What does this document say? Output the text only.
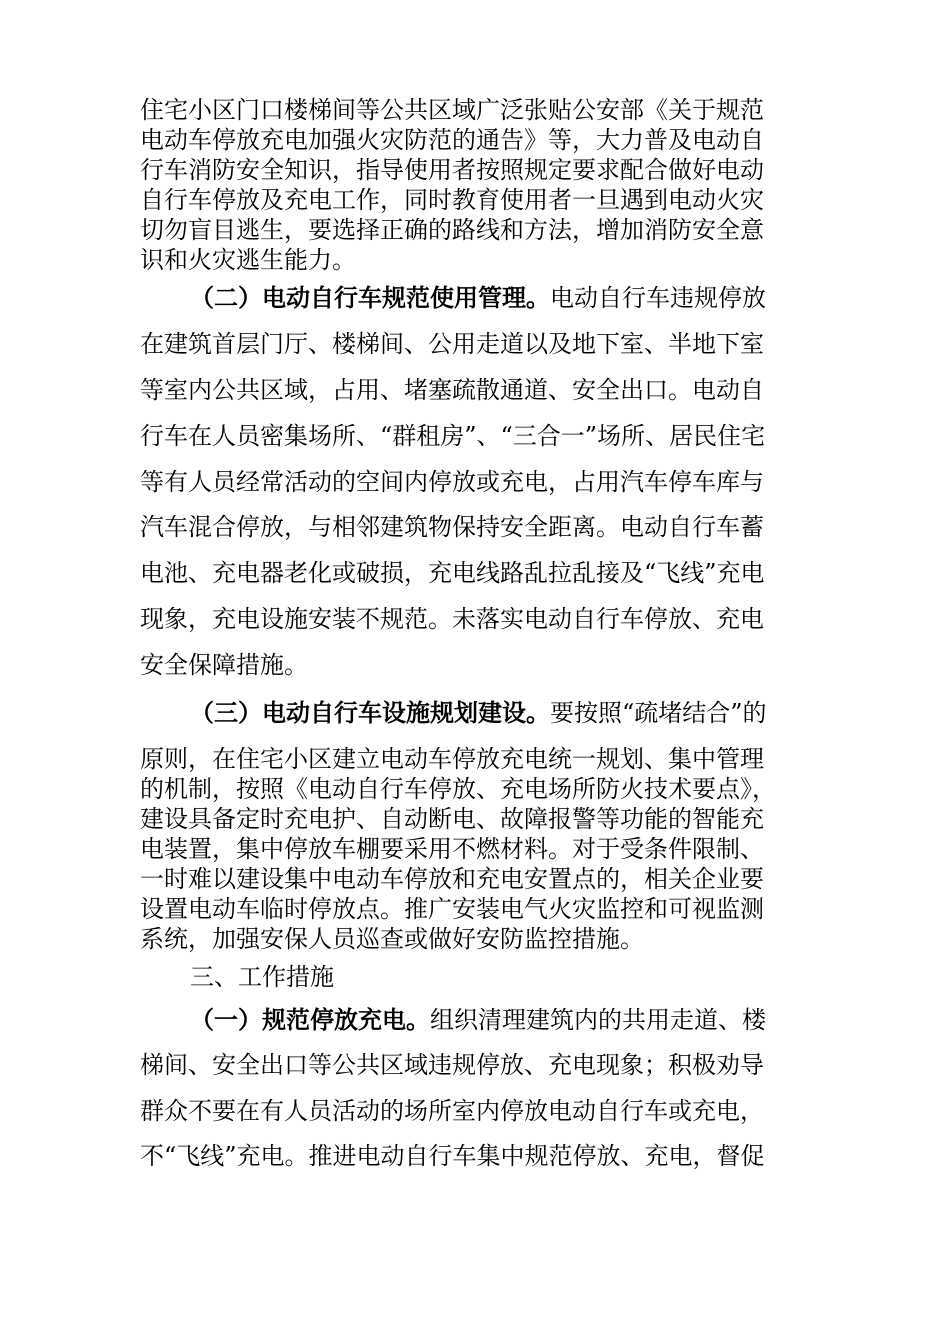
住宅小区门口楼梯间等公共区域广泛张贴公安部《关于规范
电动车停放充电加强火灾防范的通告》等，大力普及电动自
行车消防安全知识，指导使用者按照规定要求配合做好电动
自行车停放及充电工作，同时教育使用者一旦遇到电动火灾
切勿盲目逃生，要选择正确的路线和方法，增加消防安全意
识和火灾逃生能力。
（二）电动自行车规范使用管理。电动自行车违规停放
在建筑首层门厅、楼梯间、公用走道以及地下室、半地下室
等室内公共区域，占用、堵塞疏散通道、安全出口。电动自
行车在人员密集场所、“群租房”、“三合一”场所、居民住宅
等有人员经常活动的空间内停放或充电，占用汽车停车库与
汽车混合停放，与相邻建筑物保持安全距离。电动自行车蓄
电池、充电器老化或破损，充电线路乱拉乱接及“飞线”充电
现象，充电设施安装不规范。未落实电动自行车停放、充电
安全保障措施。
（三）电动自行车设施规划建设。要按照“疏堵结合”的
原则，在住宅小区建立电动车停放充电统一规划、集中管理
的机制，按照《电动自行车停放、充电场所防火技术要点》，
建设具备定时充电护、自动断电、故障报警等功能的智能充
电装置，集中停放车棚要采用不燃材料。对于受条件限制、
一时难以建设集中电动车停放和充电安置点的，相关企业要
设置电动车临时停放点。推广安装电气火灾监控和可视监测
系统，加强安保人员巡查或做好安防监控措施。
三、工作措施
（一）规范停放充电。组织清理建筑内的共用走道、楼
梯间、安全出口等公共区域违规停放、充电现象；积极劝导
群众不要在有人员活动的场所室内停放电动自行车或充电，
不“飞线”充电。推进电动自行车集中规范停放、充电，督促
